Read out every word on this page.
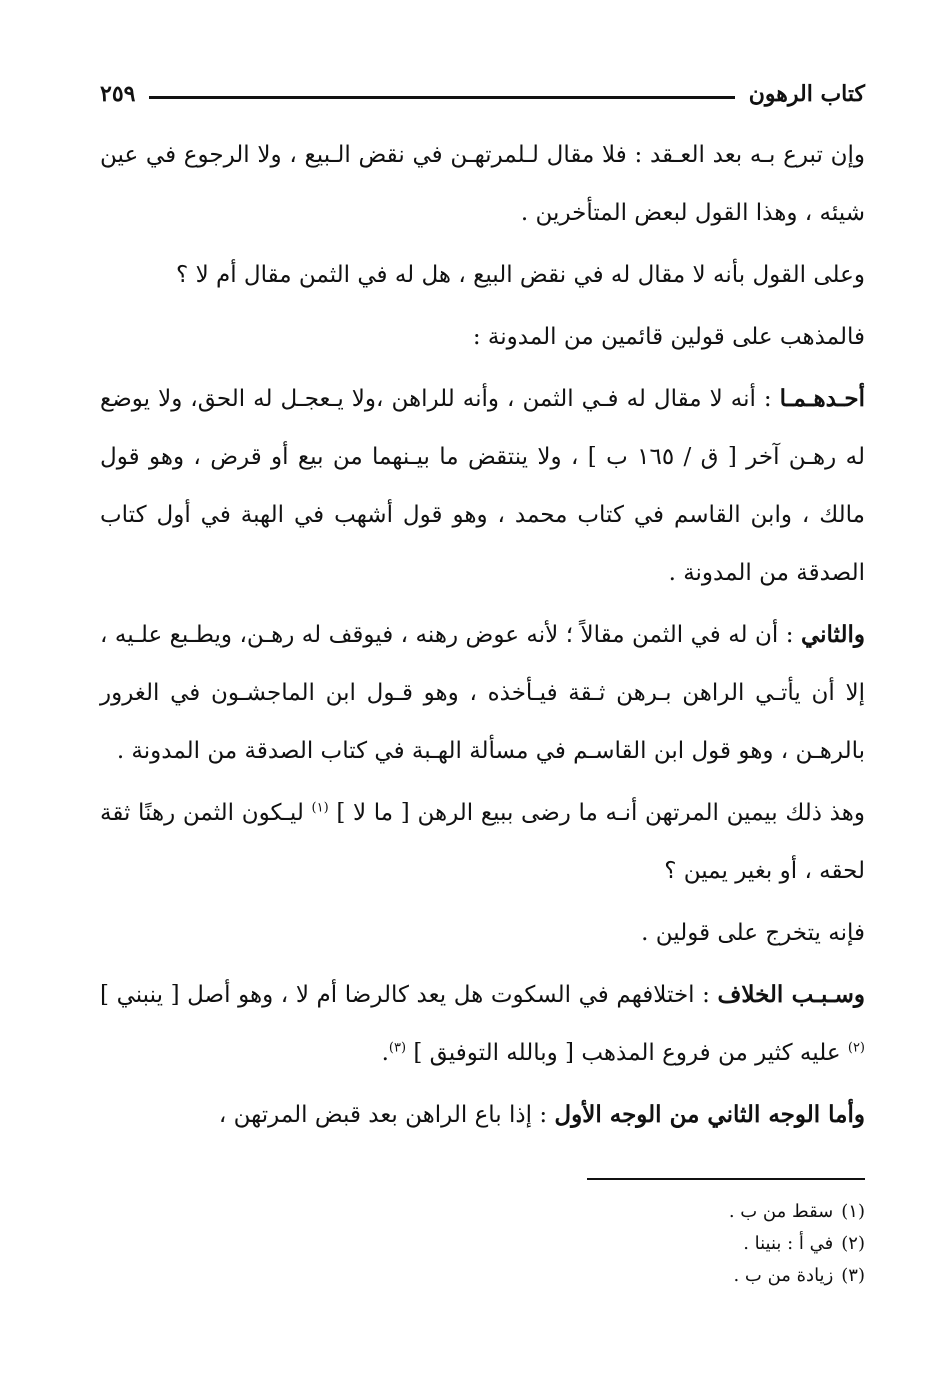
كتاب الرهون
٢٥٩

وإن تبرع بـه بعد العـقد : فلا مقال لـلمرتهـن في نقض الـبيع ، ولا الرجوع في عين شيئه ، وهذا القول لبعض المتأخرين .

وعلى القول بأنه لا مقال له في نقض البيع ، هل له في الثمن مقال أم لا ؟

فالمذهب على قولين قائمين من المدونة :

أحـدهـمـا : أنه لا مقال له فـي الثمن ، وأنه للراهن ،ولا يـعجـل له الحق، ولا يوضع له رهـن آخر [ ق / ١٦٥ ب ] ، ولا ينتقض ما بيـنهما من بيع أو قرض ، وهو قول مالك ، وابن القاسم في كتاب محمد ، وهو قول أشهب في الهبة في أول كتاب الصدقة من المدونة .

والثاني : أن له في الثمن مقالاً ؛ لأنه عوض رهنه ، فيوقف له رهـن، ويطـبع علـيه ، إلا أن يأتـي الراهن بـرهن ثـقة فيـأخذه ، وهو قـول ابن الماجشـون في الغرور بالرهـن ، وهو قول ابن القاسـم في مسألة الهـبة في كتاب الصدقة من المدونة .

وهذ ذلك بيمين المرتهن أنـه ما رضى ببيع الرهن [ ما لا ] $^{(١)}$ ليـكون الثمن رهنًا ثقة لحقه ، أو بغير يمين ؟

فإنه يتخرج على قولين .

وسـبـب الخلاف : اختلافهم في السكوت هل يعد كالرضا أم لا ، وهو أصل [ ينبني ] $^{(٢)}$ عليه كثير من فروع المذهب [ وبالله التوفيق ] $^{(٣)}$.

وأما الوجه الثاني من الوجه الأول : إذا باع الراهن بعد قبض المرتهن ،

(١)سقط من ب .

(٢)في أ : بنينا .

(٣)زيادة من ب .
